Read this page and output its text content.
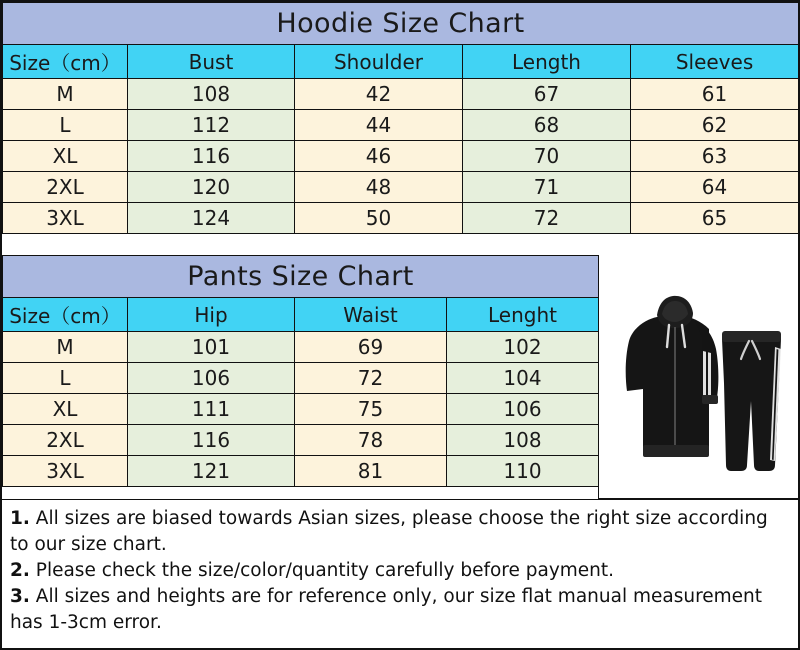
Hoodie Size Chart				
Size（cm）	Bust	Shoulder	Length	Sleeves
M	108	42	67	61
L	112	44	68	62
XL	116	46	70	63
2XL	120	48	71	64
3XL	124	50	72	65
Pants Size Chart			
Size（cm）	Hip	Waist	Lenght
M	101	69	102
L	106	72	104
XL	111	75	106
2XL	116	78	108
3XL	121	81	110
1. All sizes are biased towards Asian sizes, please choose the right size according to our size chart.
2. Please check the size/color/quantity carefully before payment.
3. All sizes and heights are for reference only, our size flat manual measurement has 1-3cm error.
